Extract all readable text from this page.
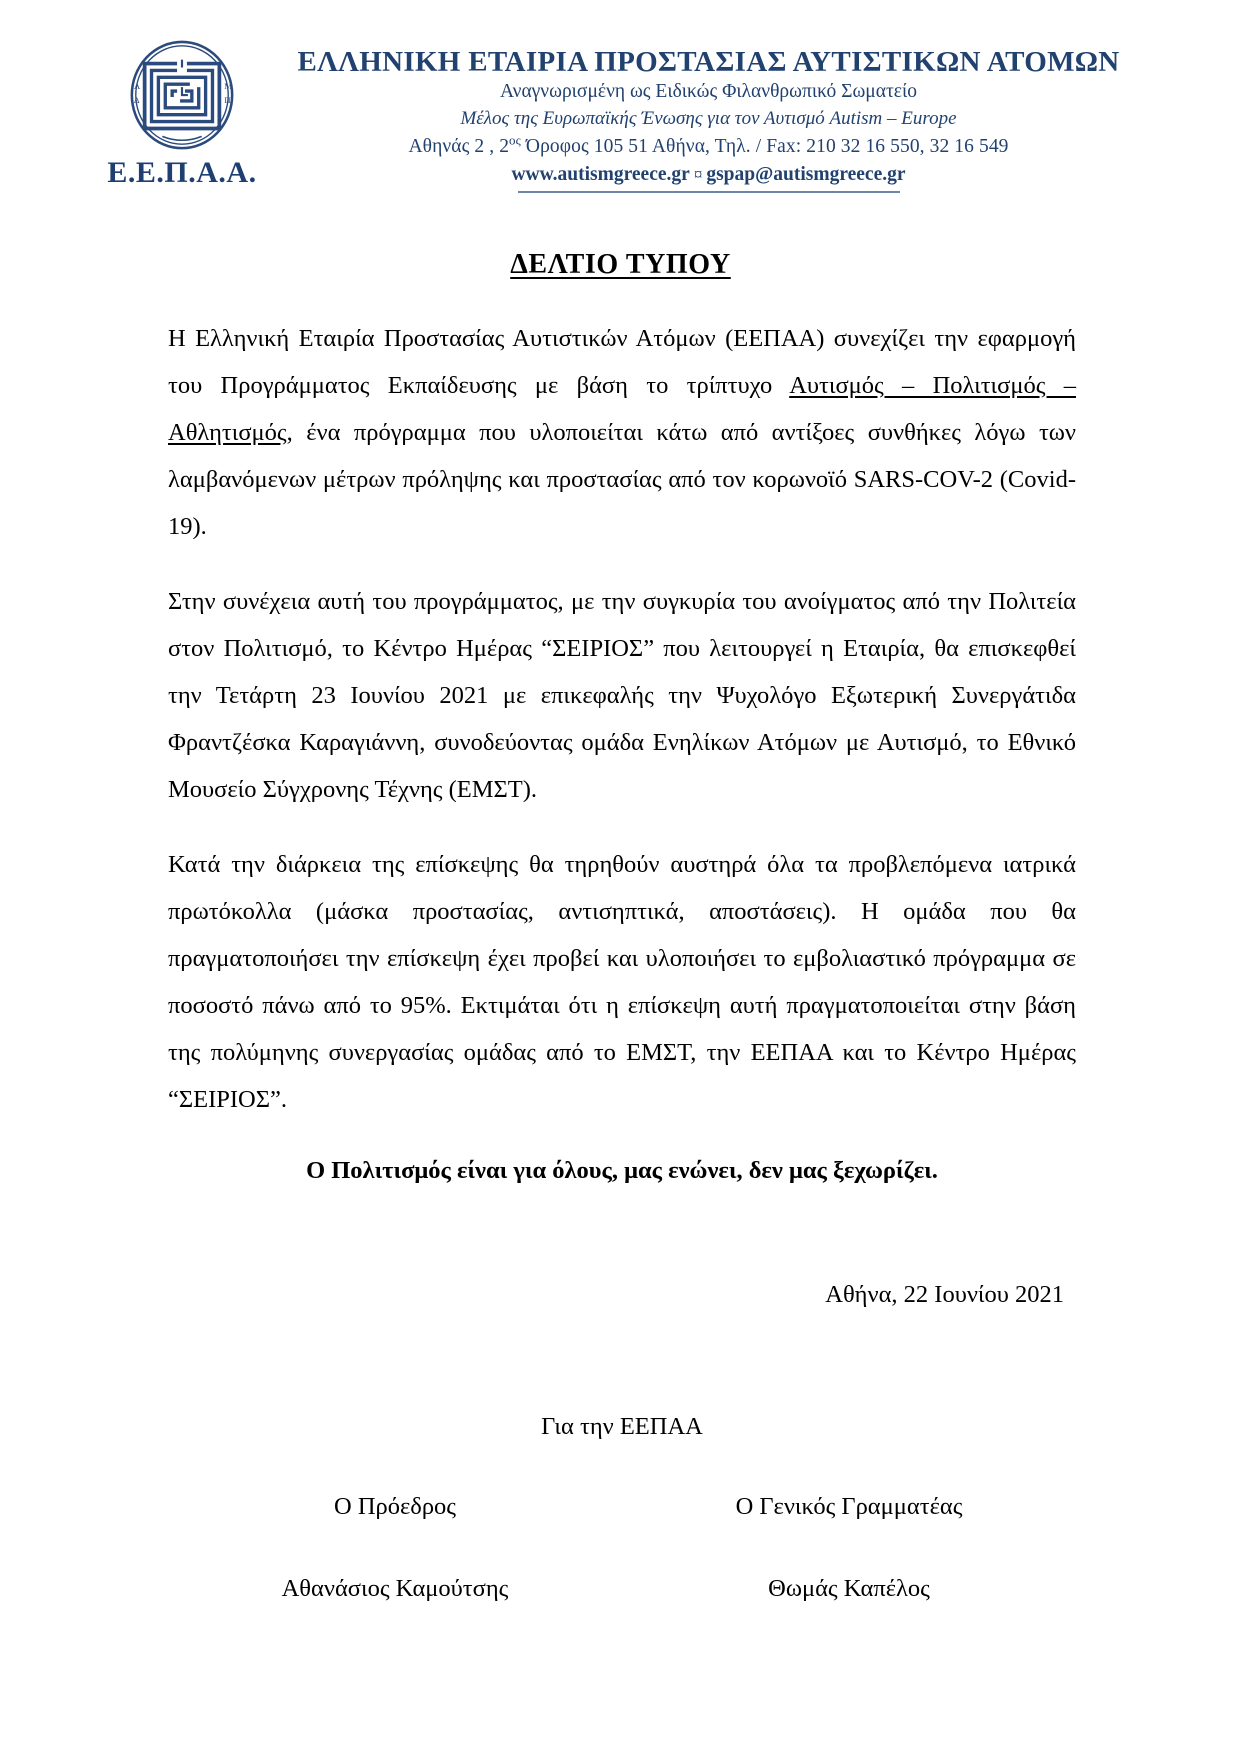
Α
Δ
Μ
Π
Ε.Ε.Π.Α.Α.
ΕΛΛΗΝΙΚΗ ΕΤΑΙΡΙΑ ΠΡΟΣΤΑΣΙΑΣ ΑΥΤΙΣΤΙΚΩΝ ΑΤΟΜΩΝ
Αναγνωρισμένη ως Ειδικώς Φιλανθρωπικό Σωματείο
Μέλος της Ευρωπαϊκής Ένωσης για τον Αυτισμό Autism – Europe
Αθηνάς 2 , $2^{o\varsigma}$ Όροφος 105 51 Αθήνα, Τηλ. / Fax: 210 32 16 550, 32 16 549
www.autismgreece.gr ¤ gspap@autismgreece.gr
ΔΕΛΤΙΟ ΤΥΠΟΥ

Η Ελληνική Εταιρία Προστασίας Αυτιστικών Ατόμων (ΕΕΠΑΑ) συνεχίζει την εφαρμογή του Προγράμματος Εκπαίδευσης με βάση το τρίπτυχο Αυτισμός – Πολιτισμός – Αθλητισμός, ένα πρόγραμμα που υλοποιείται κάτω από αντίξοες συνθήκες λόγω των λαμβανόμενων μέτρων πρόληψης και προστασίας από τον κορωνοϊό SARS-COV-2 (Covid-19).

Στην συνέχεια αυτή του προγράμματος, με την συγκυρία του ανοίγματος από την Πολιτεία στον Πολιτισμό, το Κέντρο Ημέρας “ΣΕΙΡΙΟΣ” που λειτουργεί η Εταιρία, θα επισκεφθεί την Τετάρτη 23 Ιουνίου 2021 με επικεφαλής την Ψυχολόγο Εξωτερική Συνεργάτιδα Φραντζέσκα Καραγιάννη, συνοδεύοντας ομάδα Ενηλίκων Ατόμων με Αυτισμό, το Εθνικό Μουσείο Σύγχρονης Τέχνης (ΕΜΣΤ).

Κατά την διάρκεια της επίσκεψης θα τηρηθούν αυστηρά όλα τα προβλεπόμενα ιατρικά πρωτόκολλα (μάσκα προστασίας, αντισηπτικά, αποστάσεις). Η ομάδα που θα πραγματοποιήσει την επίσκεψη έχει προβεί και υλοποιήσει το εμβολιαστικό πρόγραμμα σε ποσοστό πάνω από το 95%. Εκτιμάται ότι η επίσκεψη αυτή πραγματοποιείται στην βάση της πολύμηνης συνεργασίας ομάδας από το ΕΜΣΤ, την ΕΕΠΑΑ και το Κέντρο Ημέρας “ΣΕΙΡΙΟΣ”.

Ο Πολιτισμός είναι για όλους, μας ενώνει, δεν μας ξεχωρίζει.
Αθήνα, 22 Ιουνίου 2021
Για την ΕΕΠΑΑ
Ο Πρόεδρος
Αθανάσιος Καμούτσης
Ο Γενικός Γραμματέας
Θωμάς Καπέλος
